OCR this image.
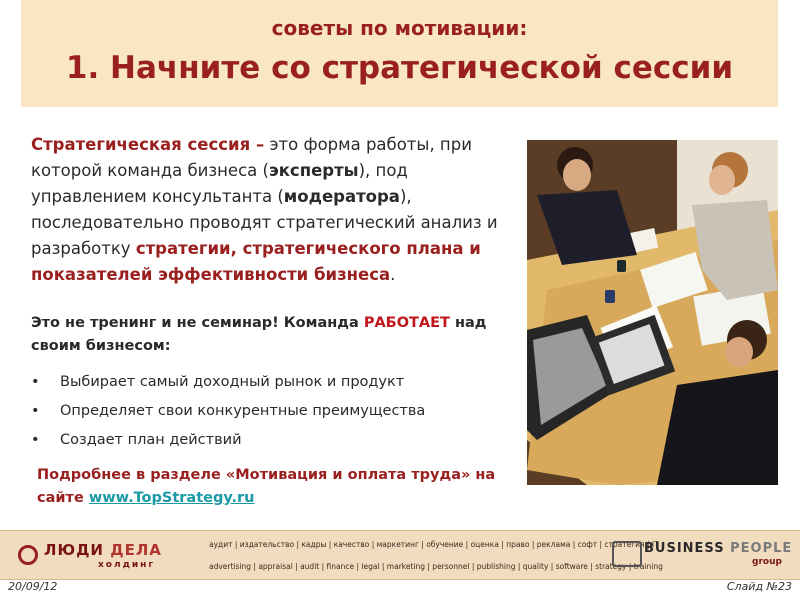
советы по мотивации:
1. Начните со стратегической сессии
Стратегическая сессия – это форма работы, при которой команда бизнеса (эксперты), под управлением консультанта (модератора), последовательно проводят стратегический анализ и разработку стратегии, стратегического плана и показателей эффективности бизнеса.
Это не тренинг и не семинар! Команда РАБОТАЕТ над своим бизнесом:
• Выбирает самый доходный рынок и продукт
• Определяет свои конкурентные преимущества
• Создает план действий
Подробнее в разделе «Мотивация и оплата труда» на сайте www.TopStrategy.ru
ЛЮДИ ДЕЛА
холдинг
аудит | издательство | кадры | качество | маркетинг | обучение | оценка | право | реклама | софт | стратегия | IT
advertising | appraisal | audit | finance | legal | marketing | personnel | publishing | quality | software | strategy | training
BUSINESS PEOPLE
group
20/09/12	Слайд №23
